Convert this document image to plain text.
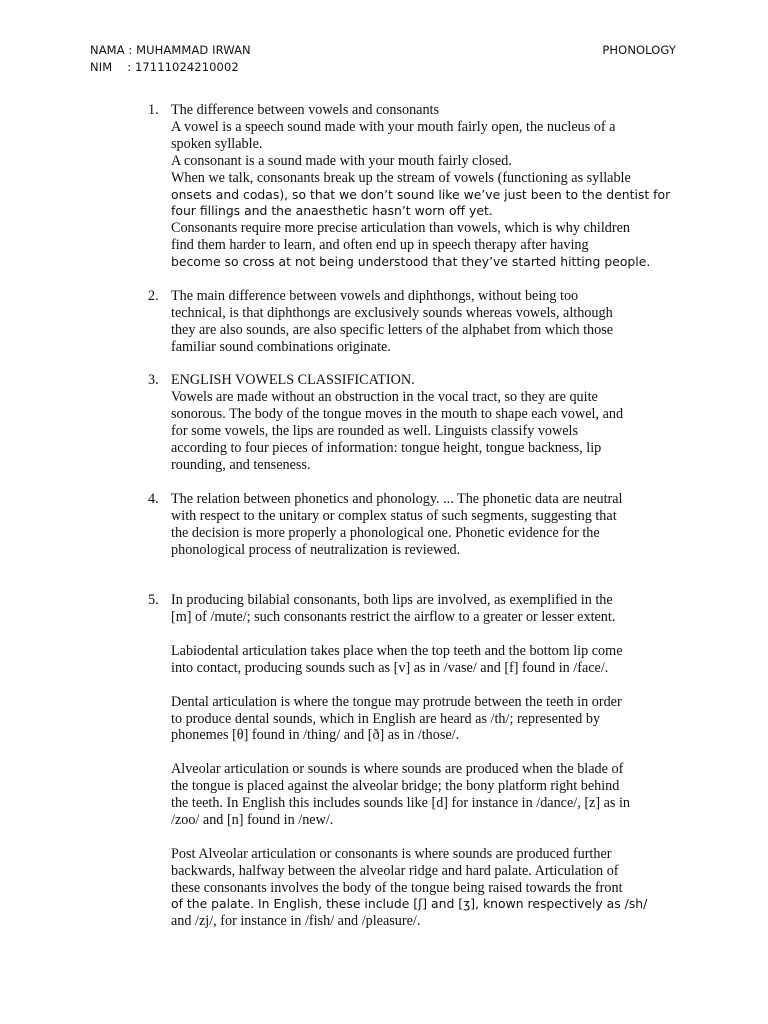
NAMA : MUHAMMAD IRWAN	PHONOLOGY
NIM    : 17111024210002
1. The difference between vowels and consonants
A vowel is a speech sound made with your mouth fairly open, the nucleus of a
spoken syllable.
A consonant is a sound made with your mouth fairly closed.
When we talk, consonants break up the stream of vowels (functioning as syllable
onsets and codas), so that we don’t sound like we’ve just been to the dentist for
four fillings and the anaesthetic hasn’t worn off yet.
Consonants require more precise articulation than vowels, which is why children
find them harder to learn, and often end up in speech therapy after having
become so cross at not being understood that they’ve started hitting people.
2. The main difference between vowels and diphthongs, without being too
technical, is that diphthongs are exclusively sounds whereas vowels, although
they are also sounds, are also specific letters of the alphabet from which those
familiar sound combinations originate.
3. ENGLISH VOWELS CLASSIFICATION.
Vowels are made without an obstruction in the vocal tract, so they are quite
sonorous. The body of the tongue moves in the mouth to shape each vowel, and
for some vowels, the lips are rounded as well. Linguists classify vowels
according to four pieces of information: tongue height, tongue backness, lip
rounding, and tenseness.
4. The relation between phonetics and phonology. ... The phonetic data are neutral
with respect to the unitary or complex status of such segments, suggesting that
the decision is more properly a phonological one. Phonetic evidence for the
phonological process of neutralization is reviewed.
5. In producing bilabial consonants, both lips are involved, as exemplified in the
[m] of /mute/; such consonants restrict the airflow to a greater or lesser extent.
Labiodental articulation takes place when the top teeth and the bottom lip come
into contact, producing sounds such as [v] as in /vase/ and [f] found in /face/.
Dental articulation is where the tongue may protrude between the teeth in order
to produce dental sounds, which in English are heard as /th/; represented by
phonemes [θ] found in /thing/ and [ð] as in /those/.
Alveolar articulation or sounds is where sounds are produced when the blade of
the tongue is placed against the alveolar bridge; the bony platform right behind
the teeth. In English this includes sounds like [d] for instance in /dance/, [z] as in
/zoo/ and [n] found in /new/.
Post Alveolar articulation or consonants is where sounds are produced further
backwards, halfway between the alveolar ridge and hard palate. Articulation of
these consonants involves the body of the tongue being raised towards the front
of the palate. In English, these include [ʃ] and [ʒ], known respectively as /sh/
and /zj/, for instance in /fish/ and /pleasure/.
